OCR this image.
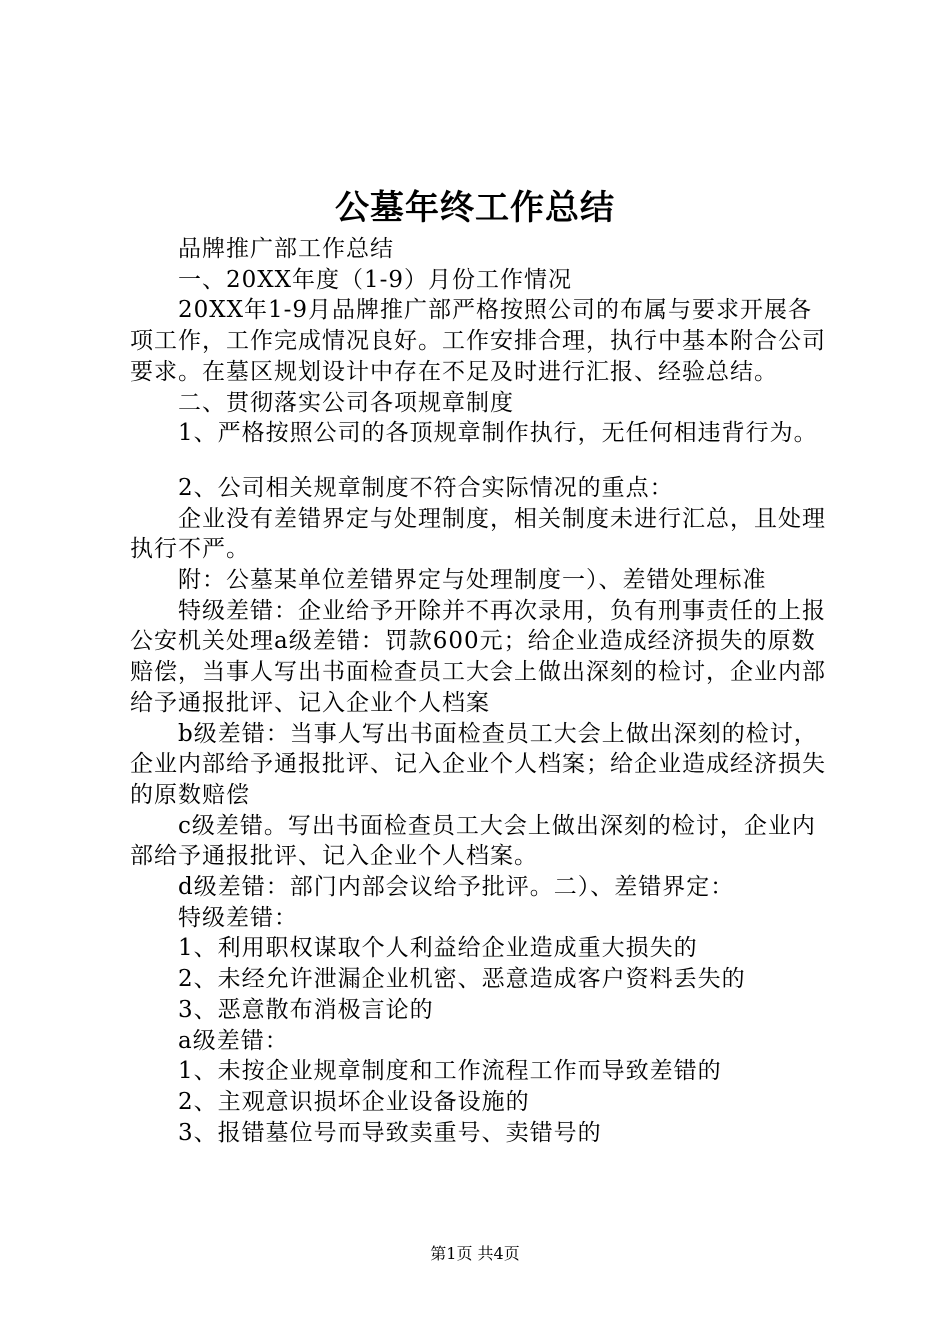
公墓年终工作总结

品牌推广部工作总结

一、20XX年度（1-9）月份工作情况

20XX年1-9月品牌推广部严格按照公司的布属与要求开展各项工作，工作完成情况良好。工作安排合理，执行中基本附合公司要求。在墓区规划设计中存在不足及时进行汇报、经验总结。

二、贯彻落实公司各项规章制度

1、严格按照公司的各顶规章制作执行，无任何相违背行为。

2、公司相关规章制度不符合实际情况的重点：

企业没有差错界定与处理制度，相关制度未进行汇总，且处理执行不严。

附：公墓某单位差错界定与处理制度一）、差错处理标准

特级差错：企业给予开除并不再次录用，负有刑事责任的上报公安机关处理a级差错：罚款600元；给企业造成经济损失的原数赔偿，当事人写出书面检查员工大会上做出深刻的检讨，企业内部给予通报批评、记入企业个人档案

b级差错：当事人写出书面检查员工大会上做出深刻的检讨，企业内部给予通报批评、记入企业个人档案；给企业造成经济损失的原数赔偿

c级差错。写出书面检查员工大会上做出深刻的检讨，企业内部给予通报批评、记入企业个人档案。

d级差错：部门内部会议给予批评。二）、差错界定：

特级差错：

1、利用职权谋取个人利益给企业造成重大损失的

2、未经允许泄漏企业机密、恶意造成客户资料丢失的

3、恶意散布消极言论的

a级差错：

1、未按企业规章制度和工作流程工作而导致差错的

2、主观意识损坏企业设备设施的

3、报错墓位号而导致卖重号、卖错号的

第1页 共4页
